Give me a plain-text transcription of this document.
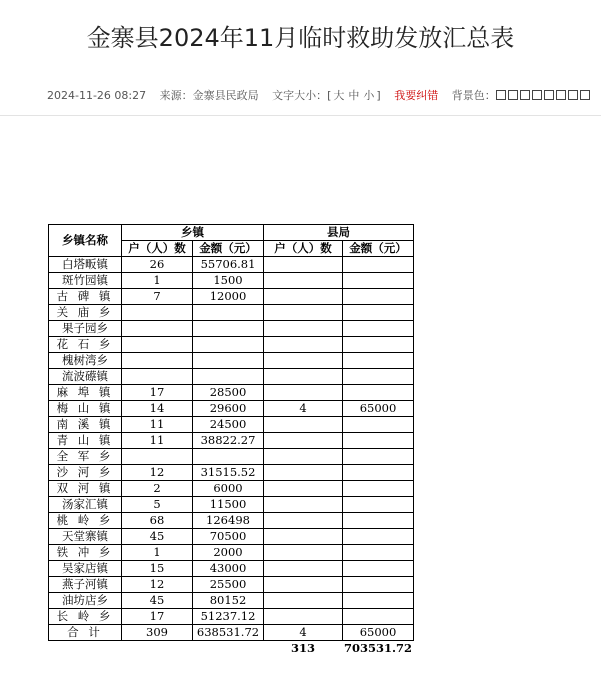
金寨县2024年11月临时救助发放汇总表
2024-11-26 08:27 来源：金寨县民政局 文字大小：[ 大 中 小 ] 我要纠错 背景色：
乡镇名称	乡镇		县局	
	户（人）数	金额（元）	户（人）数	金额（元）
白塔畈镇	26	55706.81		
斑竹园镇	1	1500		
古 碑 镇	7	12000		
关 庙 乡				
果子园乡				
花 石 乡				
槐树湾乡				
流波礤镇				
麻 埠 镇	17	28500		
梅 山 镇	14	29600	4	65000
南 溪 镇	11	24500		
青 山 镇	11	38822.27		
全 军 乡				
沙 河 乡	12	31515.52		
双 河 镇	2	6000		
汤家汇镇	5	11500		
桃 岭 乡	68	126498		
天堂寨镇	45	70500		
铁 冲 乡	1	2000		
吴家店镇	15	43000		
燕子河镇	12	25500		
油坊店乡	45	80152		
长 岭 乡	17	51237.12		
合 计	309	638531.72	4	65000
			313	703531.72
